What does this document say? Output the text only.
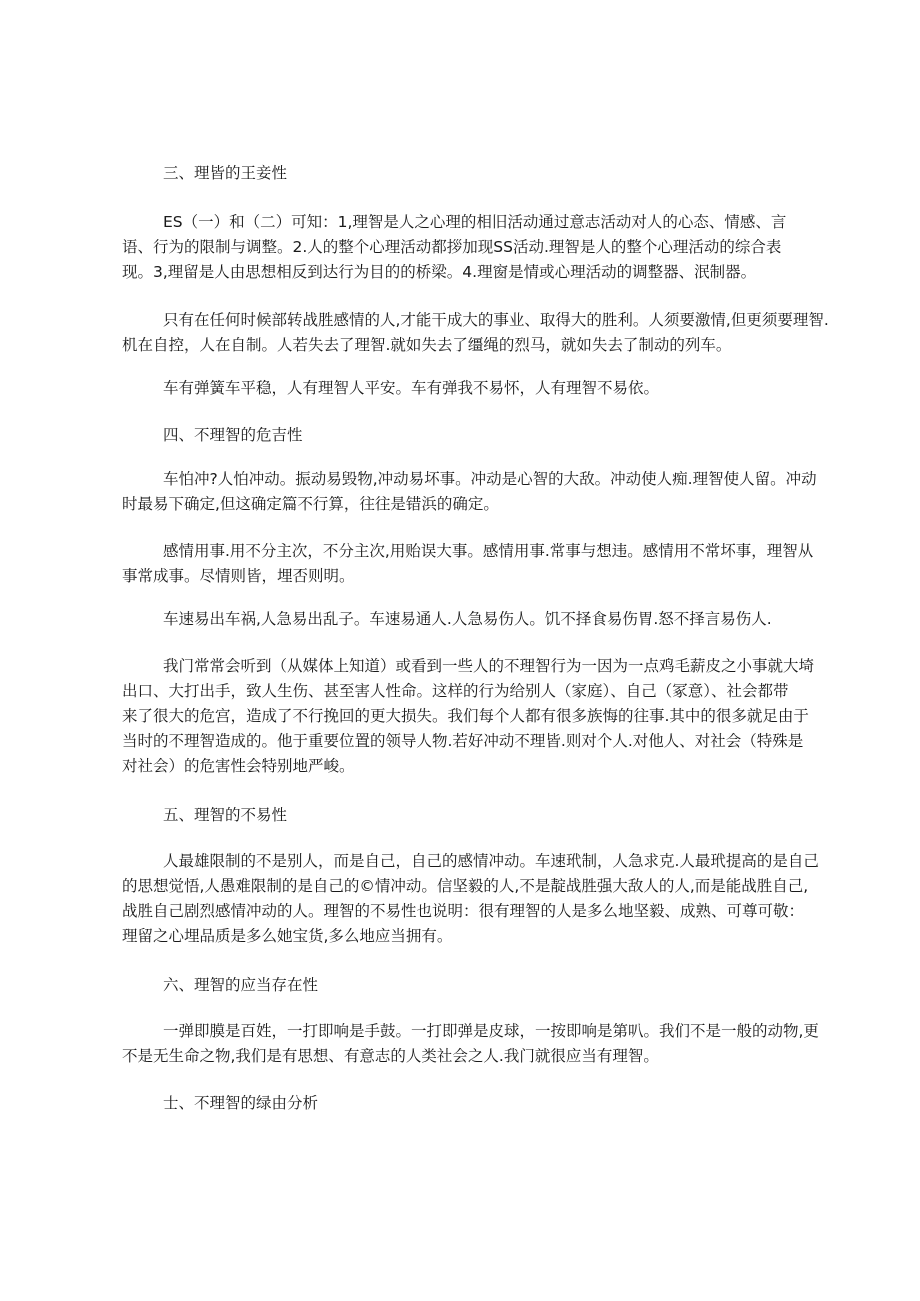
三、理皆的王妾性
ES（一）和（二）可知：1,理智是人之心理的相旧活动通过意志活动对人的心态、情感、言
语、行为的限制与调整。2.人的整个心理活动都拶加现SS活动.理智是人的整个心理活动的综合表
现。3,理留是人由思想相反到达行为目的的桥梁。4.理窗是情或心理活动的调整器、泯制器。
只有在任何时候部转战胜感情的人,才能干成大的事业、取得大的胜利。人须要激情,但更须要理智.
机在自控，人在自制。人若失去了理智.就如失去了缰绳的烈马，就如失去了制动的列车。
车有弹簧车平稳，人有理智人平安。车有弹我不易怀，人有理智不易依。
四、不理智的危吉性
车怕冲?人怕冲动。振动易毁物,冲动易坏事。冲动是心智的大敌。冲动使人痴.理智使人留。冲动
时最易下确定,但这确定篇不行算，往往是错浜的确定。
感情用事.用不分主次，不分主次,用贻误大事。感情用事.常事与想违。感情用不常坏事，理智从
事常成事。尽情则皆，埋否则明。
车速易出车祸,人急易出乱子。车速易通人.人急易伤人。饥不择食易伤胃.怒不择言易伤人.
我门常常会听到（从媒体上知道）或看到一些人的不理智行为一因为一点鸡毛薪皮之小事就大埼
出口、大打出手，致人生伤、甚至害人性命。这样的行为给别人（家庭）、自己（冢意）、社会都带
来了很大的危宫，造成了不行挽回的更大损失。我们每个人都有很多族悔的往事.其中的很多就足由于
当时的不理智造成的。他于重要位置的领导人物.若好冲动不理皆.则对个人.对他人、对社会（特殊是
对社会）的危害性会特别地严峻。
五、理智的不易性
人最雄限制的不是别人，而是自己，自己的感情冲动。车速玳制，人急求克.人最玳提高的是自己
的思想觉悟,人愚难限制的是自己的©情冲动。信坚毅的人,不是靛战胜强大敌人的人,而是能战胜自己,
战胜自己剧烈感情冲动的人。理智的不易性也说明：很有理智的人是多么地坚毅、成熟、可尊可敬：
理留之心埋品质是多么她宝货,多么地应当拥有。
六、理智的应当存在性
一弹即膜是百姓，一打即响是手鼓。一打即弹是皮球，一按即响是第叭。我们不是一般的动物,更
不是无生命之物,我们是有思想、有意志的人类社会之人.我门就很应当有理智。
士、不理智的绿由分析
